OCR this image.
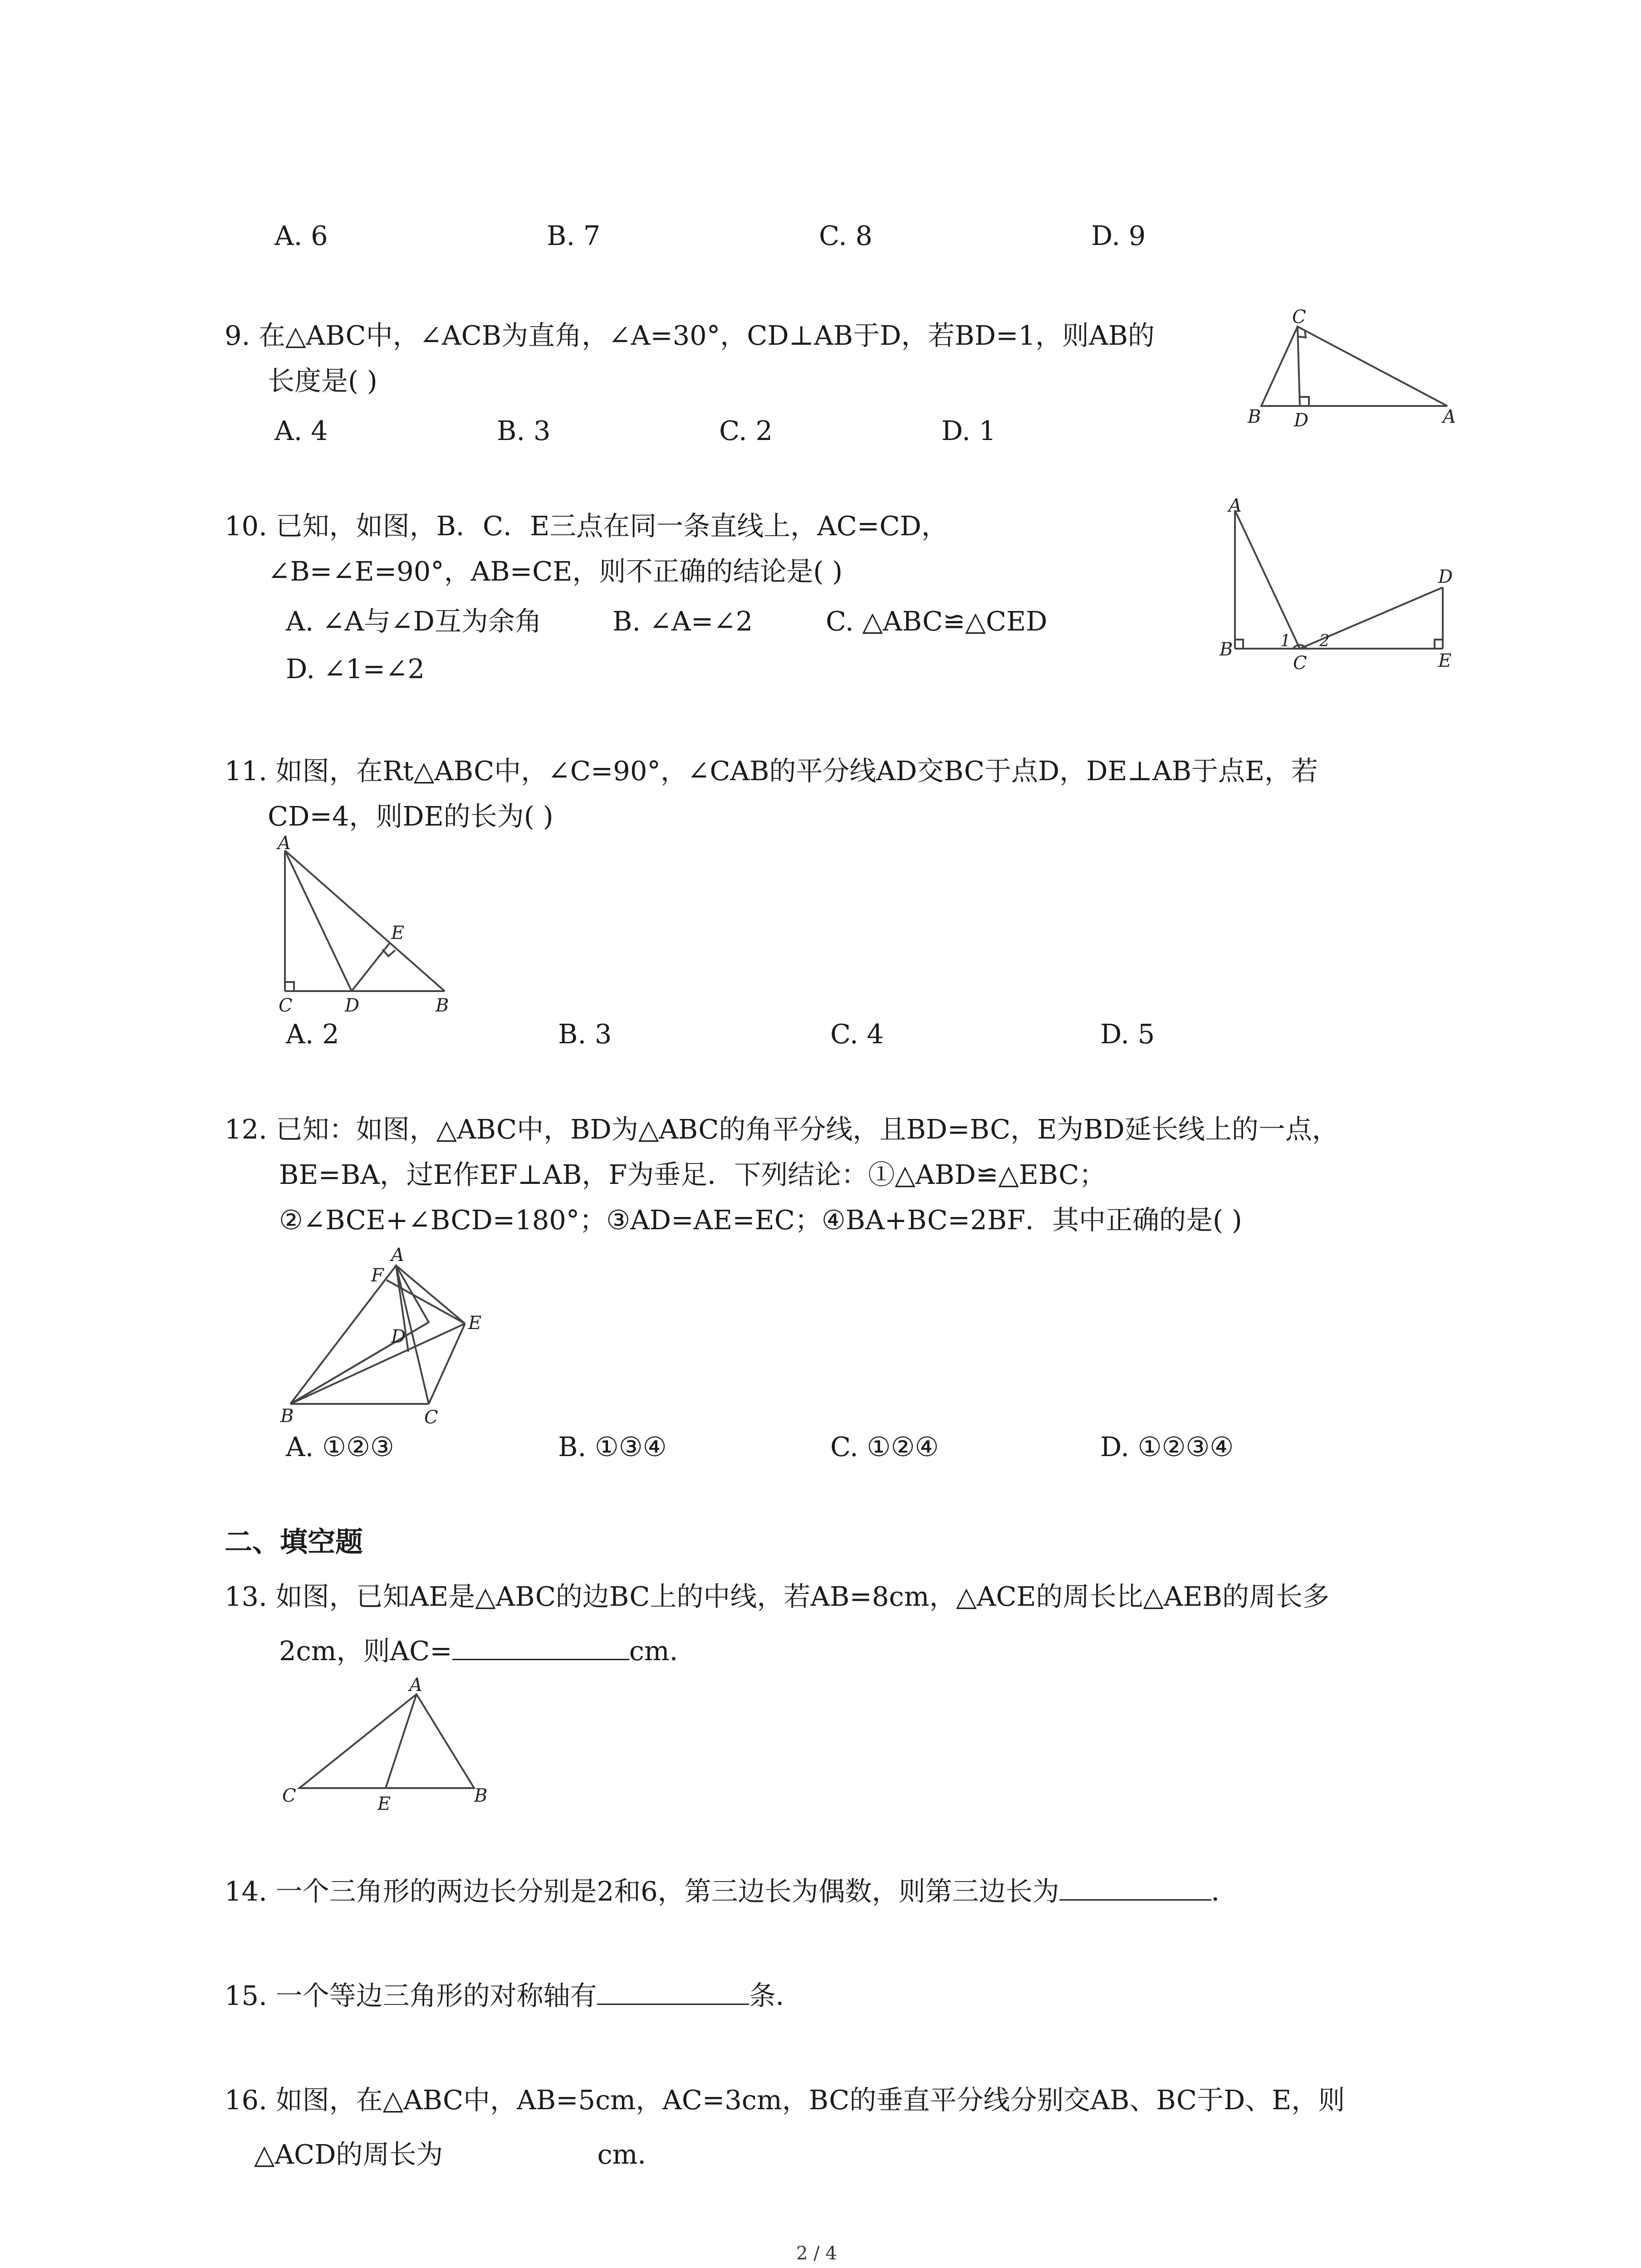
A. 6	B. 7	C. 8	D. 9
9. 在△ABC中，∠ACB为直角，∠A=30°，CD⊥AB于D，若BD=1，则AB的
长度是( )
A. 4	B. 3	C. 2	D. 1
C
B D	A
10. 已知，如图，B．C．E三点在同一条直线上，AC=CD，
∠B=∠E=90°，AB=CE，则不正确的结论是( )
A. ∠A与∠D互为余角	B. ∠A=∠2	C. △ABC≌△CED
D. ∠1=∠2
A
D
B	1
C
2
E
11. 如图，在Rt△ABC中，∠C=90°，∠CAB的平分线AD交BC于点D，DE⊥AB于点E，若
CD=4，则DE的长为( )
A
E
C	D	B
A. 2	B. 3	C. 4	D. 5
12. 已知：如图，△ABC中，BD为△ABC的角平分线，且BD=BC，E为BD延长线上的一点，
BE=BA，过E作EF⊥AB，F为垂足．下列结论：①△ABD≌△EBC；
②∠BCE+∠BCD=180°；③AD=AE=EC；④BA+BC=2BF．其中正确的是( )
A
F
E
D
B	C
A. ①②③	B. ①③④	C. ①②④	D. ①②③④
二、填空题
13. 如图，已知AE是△ABC的边BC上的中线，若AB=8cm，△ACE的周长比△AEB的周长多
2cm，则AC=	cm．
A
C	E	B
14. 一个三角形的两边长分别是2和6，第三边长为偶数，则第三边长为	．
15. 一个等边三角形的对称轴有	条．
16. 如图，在△ABC中，AB=5cm，AC=3cm，BC的垂直平分线分别交AB、BC于D、E，则
△ACD的周长为	cm．
2 / 4
